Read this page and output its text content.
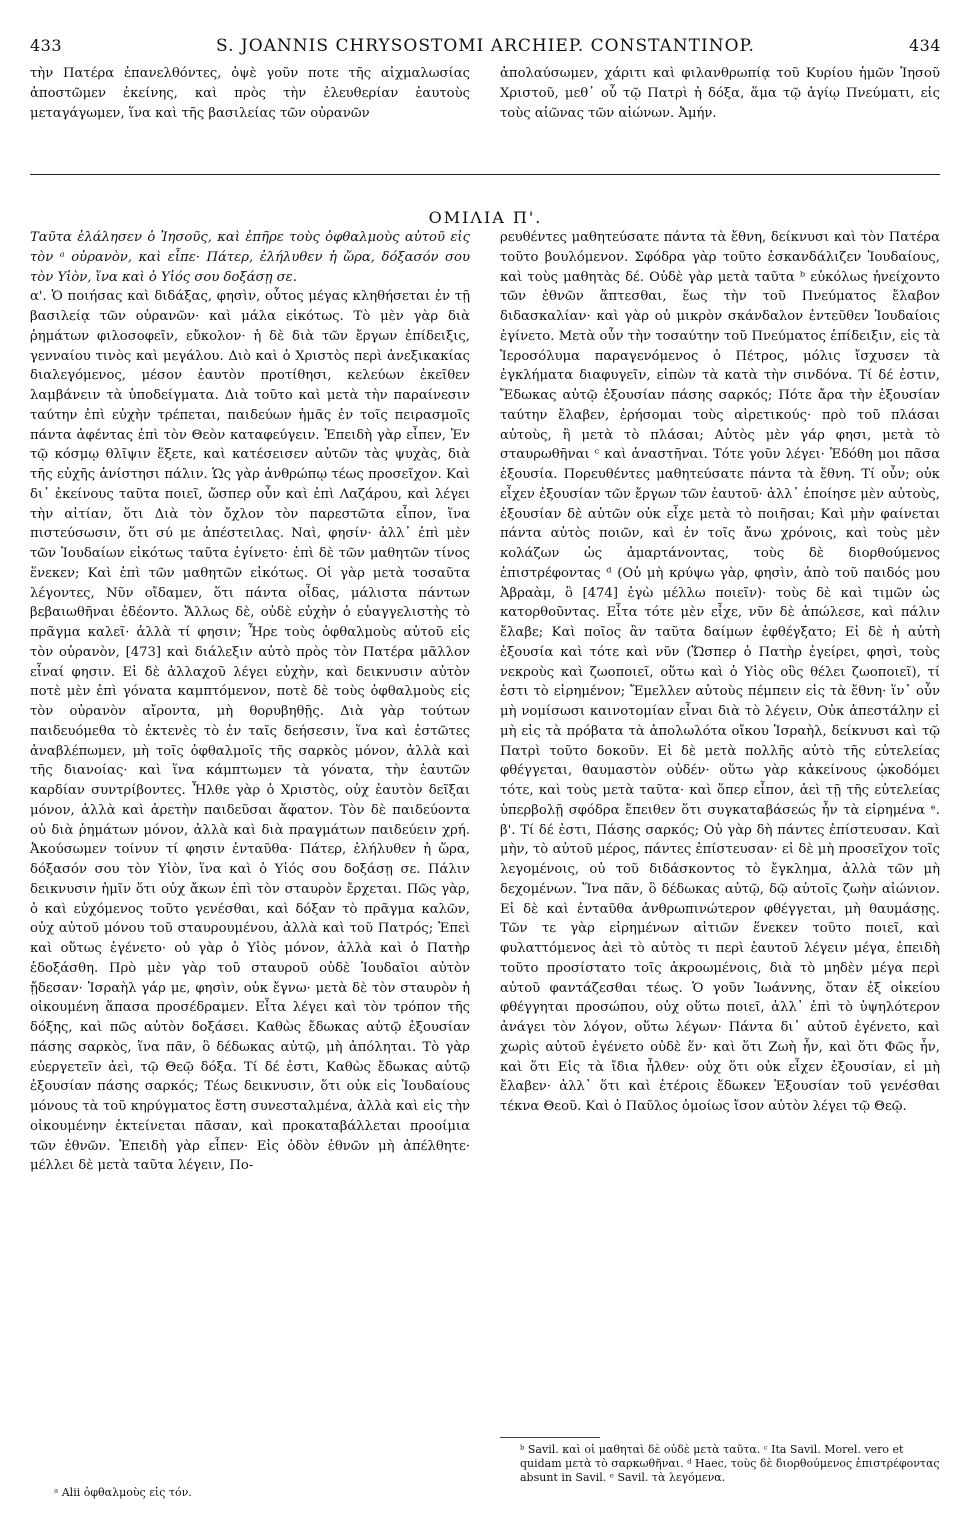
433	S. JOANNIS CHRYSOSTOMI ARCHIEP. CONSTANTINOP.	434

τὴν Πατέρα ἐπανελθόντες, ὀψὲ γοῦν ποτε τῆς αἰχμαλωσίας ἀποστῶμεν ἐκείνης, καὶ πρὸς τὴν ἐλευθερίαν ἑαυτοὺς μεταγάγωμεν, ἵνα καὶ τῆς βασιλείας τῶν οὐρανῶν

ἀπολαύσωμεν, χάριτι καὶ φιλανθρωπίᾳ τοῦ Κυρίου ἡμῶν Ἰησοῦ Χριστοῦ, μεθ᾽ οὗ τῷ Πατρὶ ἡ δόξα, ἅμα τῷ ἁγίῳ Πνεύματι, εἰς τοὺς αἰῶνας τῶν αἰώνων. Ἀμήν.

ΟΜΙΛΙΑ Π'.

Ταῦτα ἐλάλησεν ὁ Ἰησοῦς, καὶ ἐπῆρε τοὺς ὀφθαλμοὺς αὐτοῦ εἰς τὸν ᵃ οὐρανὸν, καὶ εἶπε· Πάτερ, ἐλήλυθεν ἡ ὥρα, δόξασόν σου τὸν Υἱὸν, ἵνα καὶ ὁ Υἱός σου δοξάσῃ σε.

α'. Ὁ ποιήσας καὶ διδάξας, φησὶν, οὗτος μέγας κληθήσεται ἐν τῇ βασιλείᾳ τῶν οὐρανῶν· καὶ μάλα εἰκότως. Τὸ μὲν γὰρ διὰ ῥημάτων φιλοσοφεῖν, εὔκολον· ἡ δὲ διὰ τῶν ἔργων ἐπίδειξις, γενναίου τινὸς καὶ μεγάλου. Διὸ καὶ ὁ Χριστὸς περὶ ἀνεξικακίας διαλεγόμενος, μέσον ἑαυτὸν προτίθησι, κελεύων ἐκεῖθεν λαμβάνειν τὰ ὑποδείγματα. Διὰ τοῦτο καὶ μετὰ τὴν παραίνεσιν ταύτην ἐπὶ εὐχὴν τρέπεται, παιδεύων ἡμᾶς ἐν τοῖς πειρασμοῖς πάντα ἀφέντας ἐπὶ τὸν Θεὸν καταφεύγειν. Ἐπειδὴ γὰρ εἶπεν, Ἐν τῷ κόσμῳ θλῖψιν ἕξετε, καὶ κατέσεισεν αὐτῶν τὰς ψυχὰς, διὰ τῆς εὐχῆς ἀνίστησι πάλιν. Ὡς γὰρ ἀνθρώπῳ τέως προσεῖχον. Καὶ δι᾽ ἐκείνους ταῦτα ποιεῖ, ὥσπερ οὖν καὶ ἐπὶ Λαζάρου, καὶ λέγει τὴν αἰτίαν, ὅτι Διὰ τὸν ὄχλον τὸν παρεστῶτα εἶπον, ἵνα πιστεύσωσιν, ὅτι σύ με ἀπέστειλας. Ναὶ, φησίν· ἀλλ᾽ ἐπὶ μὲν τῶν Ἰουδαίων εἰκότως ταῦτα ἐγίνετο· ἐπὶ δὲ τῶν μαθητῶν τίνος ἕνεκεν; Καὶ ἐπὶ τῶν μαθητῶν εἰκότως. Οἱ γὰρ μετὰ τοσαῦτα λέγοντες, Νῦν οἴδαμεν, ὅτι πάντα οἶδας, μάλιστα πάντων βεβαιωθῆναι ἐδέοντο. Ἄλλως δὲ, οὐδὲ εὐχὴν ὁ εὐαγγελιστὴς τὸ πρᾶγμα καλεῖ· ἀλλὰ τί φησιν; Ἦρε τοὺς ὀφθαλμοὺς αὐτοῦ εἰς τὸν οὐρανὸν, [473] καὶ διάλεξιν αὐτὸ πρὸς τὸν Πατέρα μᾶλλον εἶναί φησιν. Εἰ δὲ ἀλλαχοῦ λέγει εὐχὴν, καὶ δεικνυσιν αὐτὸν ποτὲ μὲν ἐπὶ γόνατα καμπτόμενον, ποτὲ δὲ τοὺς ὀφθαλμοὺς εἰς τὸν οὐρανὸν αἴροντα, μὴ θορυβηθῇς. Διὰ γὰρ τούτων παιδευόμεθα τὸ ἐκτενὲς τὸ ἐν ταῖς δεήσεσιν, ἵνα καὶ ἑστῶτες ἀναβλέπωμεν, μὴ τοῖς ὀφθαλμοῖς τῆς σαρκὸς μόνον, ἀλλὰ καὶ τῆς διανοίας· καὶ ἵνα κάμπτωμεν τὰ γόνατα, τὴν ἑαυτῶν καρδίαν συντρίβοντες. Ἦλθε γὰρ ὁ Χριστὸς, οὐχ ἑαυτὸν δεῖξαι μόνον, ἀλλὰ καὶ ἀρετὴν παιδεῦσαι ἄφατον. Τὸν δὲ παιδεύοντα οὐ διὰ ῥημάτων μόνον, ἀλλὰ καὶ διὰ πραγμάτων παιδεύειν χρή. Ἀκούσωμεν τοίνυν τί φησιν ἐνταῦθα· Πάτερ, ἐλήλυθεν ἡ ὥρα, δόξασόν σου τὸν Υἱὸν, ἵνα καὶ ὁ Υἱός σου δοξάσῃ σε. Πάλιν δεικνυσιν ἡμῖν ὅτι οὐχ ἄκων ἐπὶ τὸν σταυρὸν ἔρχεται. Πῶς γὰρ, ὁ καὶ εὐχόμενος τοῦτο γενέσθαι, καὶ δόξαν τὸ πρᾶγμα καλῶν, οὐχ αὐτοῦ μόνου τοῦ σταυρουμένου, ἀλλὰ καὶ τοῦ Πατρός; Ἐπεὶ καὶ οὕτως ἐγένετο· οὐ γὰρ ὁ Υἱὸς μόνον, ἀλλὰ καὶ ὁ Πατὴρ ἐδοξάσθη. Πρὸ μὲν γὰρ τοῦ σταυροῦ οὐδὲ Ἰουδαῖοι αὐτὸν ᾔδεσαν· Ἰσραὴλ γάρ με, φησὶν, οὐκ ἔγνω· μετὰ δὲ τὸν σταυρὸν ἡ οἰκουμένη ἅπασα προσέδραμεν. Εἶτα λέγει καὶ τὸν τρόπον τῆς δόξης, καὶ πῶς αὐτὸν δοξάσει. Καθὼς ἔδωκας αὐτῷ ἐξουσίαν πάσης σαρκὸς, ἵνα πᾶν, ὃ δέδωκας αὐτῷ, μὴ ἀπόληται. Τὸ γὰρ εὐεργετεῖν ἀεὶ, τῷ Θεῷ δόξα. Τί δέ ἐστι, Καθὼς ἔδωκας αὐτῷ ἐξουσίαν πάσης σαρκός; Τέως δεικνυσιν, ὅτι οὐκ εἰς Ἰουδαίους μόνους τὰ τοῦ κηρύγματος ἔστη συνεσταλμένα, ἀλλὰ καὶ εἰς τὴν οἰκουμένην ἐκτείνεται πᾶσαν, καὶ προκαταβάλλεται προοίμια τῶν ἐθνῶν. Ἐπειδὴ γὰρ εἶπεν· Εἰς ὁδὸν ἐθνῶν μὴ ἀπέλθητε· μέλλει δὲ μετὰ ταῦτα λέγειν, Πο-

ρευθέντες μαθητεύσατε πάντα τὰ ἔθνη, δείκνυσι καὶ τὸν Πατέρα τοῦτο βουλόμενον. Σφόδρα γὰρ τοῦτο ἐσκανδάλιζεν Ἰουδαίους, καὶ τοὺς μαθητὰς δέ. Οὐδὲ γὰρ μετὰ ταῦτα ᵇ εὐκόλως ἠνείχοντο τῶν ἐθνῶν ἅπτεσθαι, ἕως τὴν τοῦ Πνεύματος ἔλαβον διδασκαλίαν· καὶ γὰρ οὐ μικρὸν σκάνδαλον ἐντεῦθεν Ἰουδαίοις ἐγίνετο. Μετὰ οὖν τὴν τοσαύτην τοῦ Πνεύματος ἐπίδειξιν, εἰς τὰ Ἱεροσόλυμα παραγενόμενος ὁ Πέτρος, μόλις ἴσχυσεν τὰ ἐγκλήματα διαφυγεῖν, εἰπὼν τὰ κατὰ τὴν σινδόνα. Τί δέ ἐστιν, Ἔδωκας αὐτῷ ἐξουσίαν πάσης σαρκός; Πότε ἄρα τὴν ἐξουσίαν ταύτην ἔλαβεν, ἐρήσομαι τοὺς αἱρετικούς· πρὸ τοῦ πλάσαι αὐτοὺς, ἢ μετὰ τὸ πλάσαι; Αὐτὸς μὲν γάρ φησι, μετὰ τὸ σταυρωθῆναι ᶜ καὶ ἀναστῆναι. Τότε γοῦν λέγει· Ἐδόθη μοι πᾶσα ἐξουσία. Πορευθέντες μαθητεύσατε πάντα τὰ ἔθνη. Τί οὖν; οὐκ εἶχεν ἐξουσίαν τῶν ἔργων τῶν ἑαυτοῦ· ἀλλ᾽ ἐποίησε μὲν αὐτοὺς, ἐξουσίαν δὲ αὐτῶν οὐκ εἶχε μετὰ τὸ ποιῆσαι; Καὶ μὴν φαίνεται πάντα αὐτὸς ποιῶν, καὶ ἐν τοῖς ἄνω χρόνοις, καὶ τοὺς μὲν κολάζων ὡς ἁμαρτάνοντας, τοὺς δὲ διορθούμενος ἐπιστρέφοντας ᵈ (Οὐ μὴ κρύψω γὰρ, φησὶν, ἀπὸ τοῦ παιδός μου Ἀβραὰμ, ὃ [474] ἐγὼ μέλλω ποιεῖν)· τοὺς δὲ καὶ τιμῶν ὡς κατορθοῦντας. Εἶτα τότε μὲν εἶχε, νῦν δὲ ἀπώλεσε, καὶ πάλιν ἔλαβε; Καὶ ποῖος ἂν ταῦτα δαίμων ἐφθέγξατο; Εἰ δὲ ἡ αὐτὴ ἐξουσία καὶ τότε καὶ νῦν (Ὥσπερ ὁ Πατὴρ ἐγείρει, φησὶ, τοὺς νεκροὺς καὶ ζωοποιεῖ, οὕτω καὶ ὁ Υἱὸς οὓς θέλει ζωοποιεῖ), τί ἐστι τὸ εἰρημένον; Ἔμελλεν αὐτοὺς πέμπειν εἰς τὰ ἔθνη· ἵν᾽ οὖν μὴ νομίσωσι καινοτομίαν εἶναι διὰ τὸ λέγειν, Οὐκ ἀπεστάλην εἰ μὴ εἰς τὰ πρόβατα τὰ ἀπολωλότα οἴκου Ἰσραὴλ, δείκνυσι καὶ τῷ Πατρὶ τοῦτο δοκοῦν. Εἰ δὲ μετὰ πολλῆς αὐτὸ τῆς εὐτελείας φθέγγεται, θαυμαστὸν οὐδέν· οὕτω γὰρ κἀκείνους ᾠκοδόμει τότε, καὶ τοὺς μετὰ ταῦτα· καὶ ὅπερ εἶπον, ἀεὶ τῇ τῆς εὐτελείας ὑπερβολῇ σφόδρα ἔπειθεν ὅτι συγκαταβάσεώς ἦν τὰ εἰρημένα ᵉ. β'. Τί δέ ἐστι, Πάσης σαρκός; Οὐ γὰρ δὴ πάντες ἐπίστευσαν. Καὶ μὴν, τὸ αὐτοῦ μέρος, πάντες ἐπίστευσαν· εἰ δὲ μὴ προσεῖχον τοῖς λεγομένοις, οὐ τοῦ διδάσκοντος τὸ ἔγκλημα, ἀλλὰ τῶν μὴ δεχομένων. Ἵνα πᾶν, ὃ δέδωκας αὐτῷ, δῷ αὐτοῖς ζωὴν αἰώνιον. Εἰ δὲ καὶ ἐνταῦθα ἀνθρωπινώτερον φθέγγεται, μὴ θαυμάσῃς. Τῶν τε γὰρ εἰρημένων αἰτιῶν ἕνεκεν τοῦτο ποιεῖ, καὶ φυλαττόμενος ἀεὶ τὸ αὐτὸς τι περὶ ἑαυτοῦ λέγειν μέγα, ἐπειδὴ τοῦτο προσίστατο τοῖς ἀκροωμένοις, διὰ τὸ μηδὲν μέγα περὶ αὐτοῦ φαντάζεσθαι τέως. Ὁ γοῦν Ἰωάννης, ὅταν ἐξ οἰκείου φθέγγηται προσώπου, οὐχ οὕτω ποιεῖ, ἀλλ᾽ ἐπὶ τὸ ὑψηλότερον ἀνάγει τὸν λόγον, οὕτω λέγων· Πάντα δι᾽ αὐτοῦ ἐγένετο, καὶ χωρὶς αὐτοῦ ἐγένετο οὐδὲ ἕν· καὶ ὅτι Ζωὴ ἦν, καὶ ὅτι Φῶς ἦν, καὶ ὅτι Εἰς τὰ ἴδια ἦλθεν· οὐχ ὅτι οὐκ εἶχεν ἐξουσίαν, εἰ μὴ ἔλαβεν· ἀλλ᾽ ὅτι καὶ ἑτέροις ἔδωκεν Ἐξουσίαν τοῦ γενέσθαι τέκνα Θεοῦ. Καὶ ὁ Παῦλος ὁμοίως ἴσον αὐτὸν λέγει τῷ Θεῷ.

ᵇ Savil. καὶ οἱ μαθηταὶ δὲ οὐδὲ μετὰ ταῦτα. ᶜ Ita Savil. Morel. vero et quidam μετὰ τὸ σαρκωθῆναι. ᵈ Haec, τοὺς δὲ διορθούμενος ἐπιστρέφοντας absunt in Savil. ᵉ Savil. τὰ λεγόμενα.
ᵃ Alii ὀφθαλμοὺς εἰς τόν.
